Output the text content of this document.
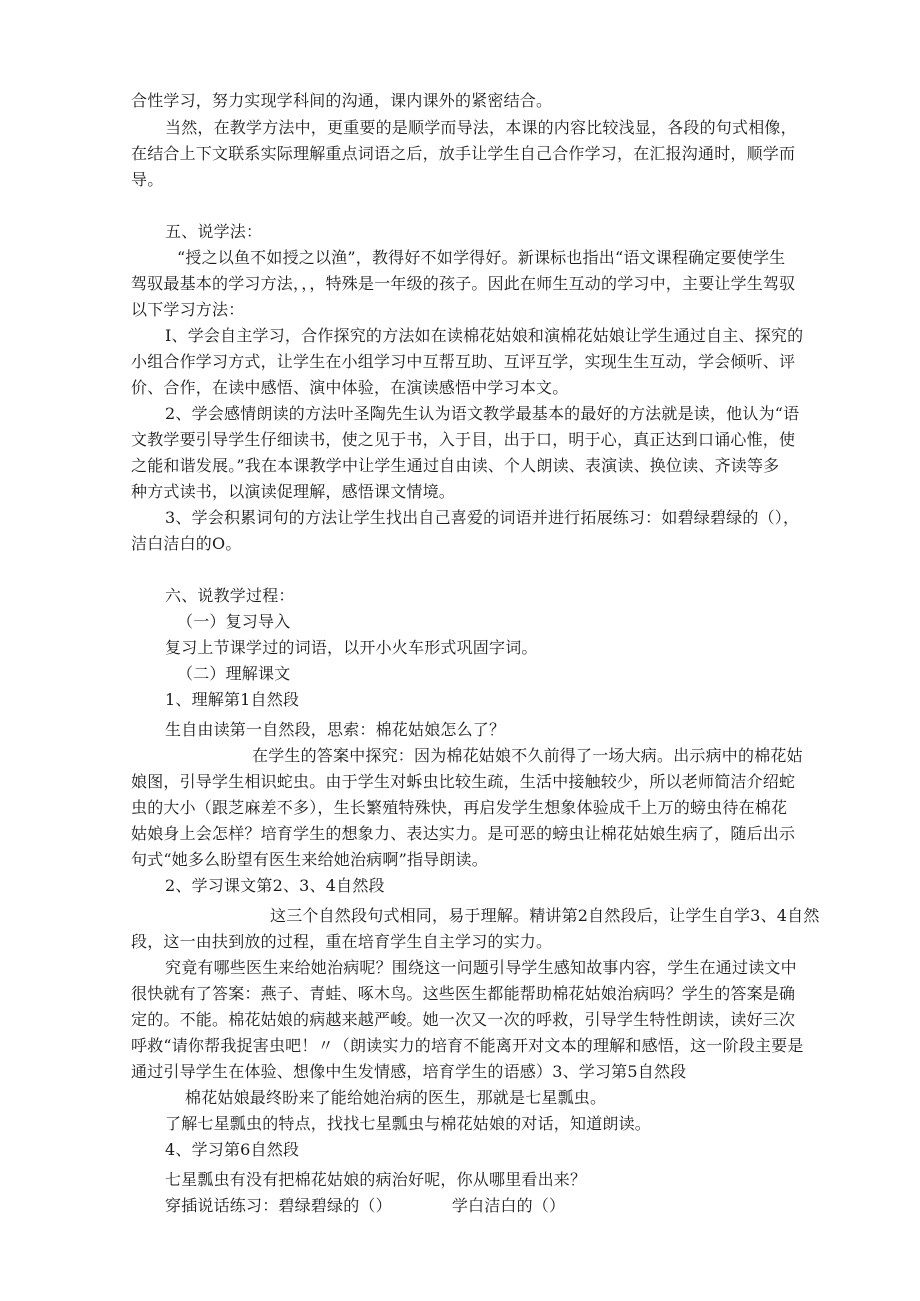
合性学习，努力实现学科间的沟通，课内课外的紧密结合。
当然，在教学方法中，更重要的是顺学而导法，本课的内容比较浅显，各段的句式相像，
在结合上下文联系实际理解重点词语之后，放手让学生自己合作学习，在汇报沟通时，顺学而
导。
五、说学法：
“授之以鱼不如授之以渔”，教得好不如学得好。新课标也指出“语文课程确定要使学生
驾驭最基本的学习方法，，，特殊是一年级的孩子。因此在师生互动的学习中，主要让学生驾驭
以下学习方法：
I、学会自主学习，合作探究的方法如在读棉花姑娘和演棉花姑娘让学生通过自主、探究的
小组合作学习方式，让学生在小组学习中互帮互助、互评互学，实现生生互动，学会倾听、评
价、合作，在读中感悟、演中体验，在演读感悟中学习本文。
2、学会感情朗读的方法叶圣陶先生认为语文教学最基本的最好的方法就是读，他认为“语
文教学要引导学生仔细读书，使之见于书，入于目，出于口，明于心，真正达到口诵心惟，使
之能和谐发展。”我在本课教学中让学生通过自由读、个人朗读、表演读、换位读、齐读等多
种方式读书，以演读促理解，感悟课文情境。
3、学会积累词句的方法让学生找出自己喜爱的词语并进行拓展练习：如碧绿碧绿的（），
洁白洁白的O。
六、说教学过程：
（一）复习导入
复习上节课学过的词语，以开小火车形式巩固字词。
（二）理解课文
1、理解第1自然段
生自由读第一自然段，思索：棉花姑娘怎么了？
在学生的答案中探究：因为棉花姑娘不久前得了一场大病。出示病中的棉花姑
娘图，引导学生相识蛇虫。由于学生对蚸虫比较生疏，生活中接触较少，所以老师简洁介绍蛇
虫的大小（跟芝麻差不多），生长繁殖特殊快，再启发学生想象体验成千上万的螃虫待在棉花
姑娘身上会怎样？培育学生的想象力、表达实力。是可恶的螃虫让棉花姑娘生病了，随后出示
句式“她多么盼望有医生来给她治病啊”指导朗读。
2、学习课文第2、3、4自然段
这三个自然段句式相同，易于理解。精讲第2自然段后，让学生自学3、4自然
段，这一由扶到放的过程，重在培育学生自主学习的实力。
究竟有哪些医生来给她治病呢？围绕这一问题引导学生感知故事内容，学生在通过读文中
很快就有了答案：燕子、青蛙、啄木鸟。这些医生都能帮助棉花姑娘治病吗？学生的答案是确
定的。不能。棉花姑娘的病越来越严峻。她一次又一次的呼救，引导学生特性朗读，读好三次
呼救“请你帮我捉害虫吧！〃（朗读实力的培育不能离开对文本的理解和感悟，这一阶段主要是
通过引导学生在体验、想像中生发情感，培育学生的语感）3、学习第5自然段
棉花姑娘最终盼来了能给她治病的医生，那就是七星瓢虫。
了解七星瓢虫的特点，找找七星瓢虫与棉花姑娘的对话，知道朗读。
4、学习第6自然段
七星瓢虫有没有把棉花姑娘的病治好呢，你从哪里看出来？
穿插说话练习：碧绿碧绿的（）	学白洁白的（）
